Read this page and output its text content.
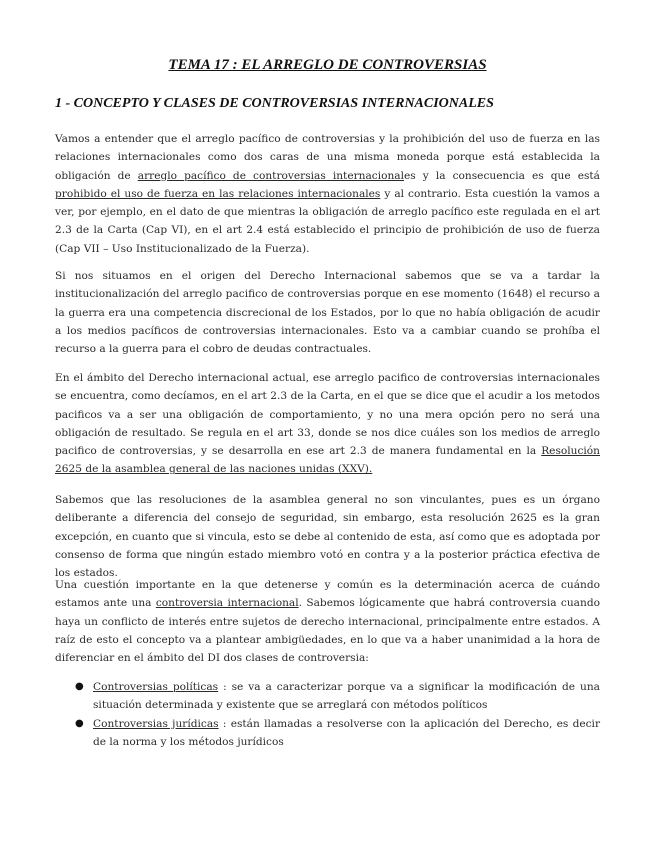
TEMA 17 : EL ARREGLO DE CONTROVERSIAS
1 - CONCEPTO Y CLASES DE CONTROVERSIAS INTERNACIONALES

Vamos a entender que el arreglo pacífico de controversias y la prohibición del uso de fuerza en las relaciones internacionales como dos caras de una misma moneda porque está establecida la obligación de arreglo pacífico de controversias internacionales y la consecuencia es que está prohibido el uso de fuerza en las relaciones internacionales y al contrario. Esta cuestión la vamos a ver, por ejemplo, en el dato de que mientras la obligación de arreglo pacífico este regulada en el art 2.3 de la Carta (Cap VI), en el art 2.4 está establecido el principio de prohibición de uso de fuerza (Cap VII – Uso Institucionalizado de la Fuerza).

Si nos situamos en el origen del Derecho Internacional sabemos que se va a tardar la institucionalización del arreglo pacifico de controversias porque en ese momento (1648) el recurso a la guerra era una competencia discrecional de los Estados, por lo que no había obligación de acudir a los medios pacíficos de controversias internacionales. Esto va a cambiar cuando se prohíba el recurso a la guerra para el cobro de deudas contractuales.

En el ámbito del Derecho internacional actual, ese arreglo pacifico de controversias internacionales se encuentra, como decíamos, en el art 2.3 de la Carta, en el que se dice que el acudir a los metodos pacificos va a ser una obligación de comportamiento, y no una mera opción pero no será una obligación de resultado. Se regula en el art 33, donde se nos dice cuáles son los medios de arreglo pacifico de controversias, y se desarrolla en ese art 2.3 de manera fundamental en la Resolución 2625 de la asamblea general de las naciones unidas (XXV).

Sabemos que las resoluciones de la asamblea general no son vinculantes, pues es un órgano deliberante a diferencia del consejo de seguridad, sin embargo, esta resolución 2625 es la gran excepción, en cuanto que si vincula, esto se debe al contenido de esta, así como que es adoptada por consenso de forma que ningún estado miembro votó en contra y a la posterior práctica efectiva de los estados.

Una cuestión importante en la que detenerse y común es la determinación acerca de cuándo estamos ante una controversia internacional. Sabemos lógicamente que habrá controversia cuando haya un conflicto de interés entre sujetos de derecho internacional, principalmente entre estados. A raíz de esto el concepto va a plantear ambigüedades, en lo que va a haber unanimidad a la hora de diferenciar en el ámbito del DI dos clases de controversia:

● Controversias políticas : se va a caracterizar porque va a significar la modificación de una situación determinada y existente que se arreglará con métodos políticos
● Controversias jurídicas : están llamadas a resolverse con la aplicación del Derecho, es decir de la norma y los métodos jurídicos
